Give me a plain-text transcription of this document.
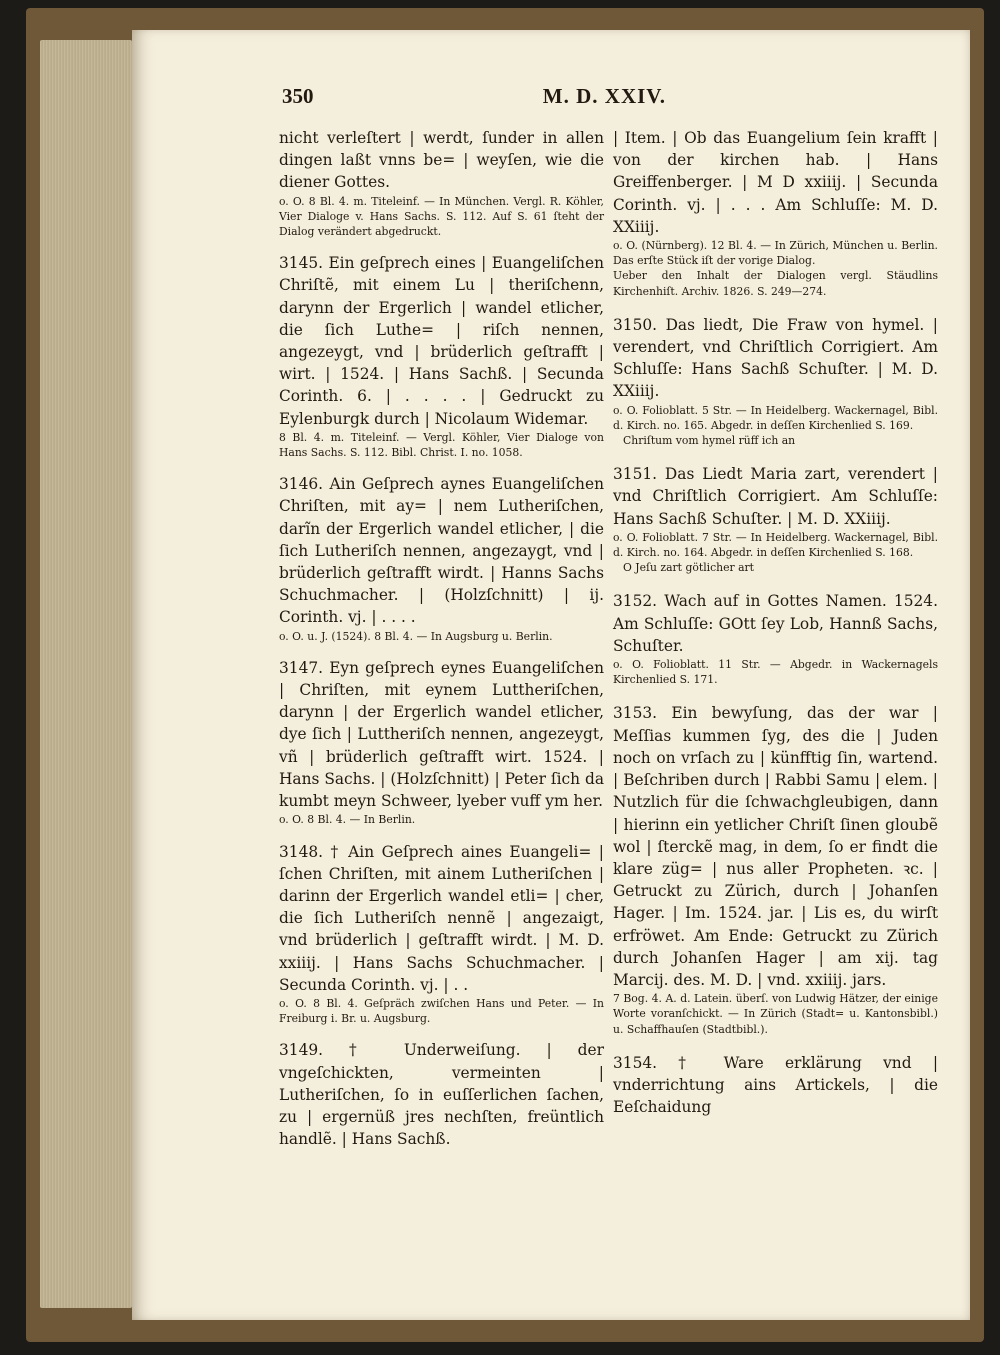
350	M. D. XXIV.

nicht verleſtert | werdt, ſunder in allen dingen laßt vnns be= | weyſen, wie die diener Gottes.

o. O. 8 Bl. 4. m. Titeleinf. — In München. Vergl. R. Köhler, Vier Dialoge v. Hans Sachs. S. 112. Auf S. 61 ſteht der Dialog verändert abgedruckt.

3145. Ein geſprech eines | Euangeliſchen Chriſtẽ, mit einem Lu | theriſchenn, darynn der Ergerlich | wandel etlicher, die ſich Luthe= | riſch nennen, angezeygt, vnd | brüderlich geſtrafft | wirt. | 1524. | Hans Sachß. | Secunda Corinth. 6. | . . . . | Gedruckt zu Eylenburgk durch | Nicolaum Widemar.

8 Bl. 4. m. Titeleinf. — Vergl. Köhler, Vier Dialoge von Hans Sachs. S. 112. Bibl. Christ. I. no. 1058.

3146. Ain Geſprech aynes Euangeliſchen Chriſten, mit ay= | nem Lutheriſchen, darĩn der Ergerlich wandel etlicher, | die ſich Lutheriſch nennen, angezaygt, vnd | brüderlich geſtrafft wirdt. | Hanns Sachs Schuchmacher. | (Holzſchnitt) | ij. Corinth. vj. | . . . .

o. O. u. J. (1524). 8 Bl. 4. — In Augsburg u. Berlin.

3147. Eyn geſprech eynes Euangeliſchen | Chriſten, mit eynem Luttheriſchen, darynn | der Ergerlich wandel etlicher, dye ſich | Luttheriſch nennen, angezeygt, vñ | brüderlich geſtrafft wirt. 1524. | Hans Sachs. | (Holzſchnitt) | Peter ſich da kumbt meyn Schweer, lyeber vuff ym her.

o. O. 8 Bl. 4. — In Berlin.

3148. † Ain Geſprech aines Euangeli= | ſchen Chriſten, mit ainem Lutheriſchen | darinn der Ergerlich wandel etli= | cher, die ſich Lutheriſch nennẽ | angezaigt, vnd brüderlich | geſtrafft wirdt. | M. D. xxiiij. | Hans Sachs Schuchmacher. | Secunda Corinth. vj. | . .

o. O. 8 Bl. 4. Geſpräch zwiſchen Hans und Peter. — In Freiburg i. Br. u. Augsburg.

3149. † Underweiſung. | der vngeſchickten, vermeinten | Lutheriſchen, ſo in euſſerlichen ſachen, zu | ergernüß jres nechſten, freüntlich handlẽ. | Hans Sachß.

| Item. | Ob das Euangelium ſein krafft | von der kirchen hab. | Hans Greiffenberger. | M D xxiiij. | Secunda Corinth. vj. | . . . Am Schluſſe: M. D. XXiiij.

o. O. (Nürnberg). 12 Bl. 4. — In Zürich, München u. Berlin. Das erſte Stück iſt der vorige Dialog.

Ueber den Inhalt der Dialogen vergl. Stäudlins Kirchenhiſt. Archiv. 1826. S. 249—274.

3150. Das liedt, Die Fraw von hymel. | verendert, vnd Chriſtlich Corrigiert. Am Schluſſe: Hans Sachß Schuſter. | M. D. XXiiij.

o. O. Folioblatt. 5 Str. — In Heidelberg. Wackernagel, Bibl. d. Kirch. no. 165. Abgedr. in deſſen Kirchenlied S. 169.

Chriſtum vom hymel rüff ich an

3151. Das Liedt Maria zart, verendert | vnd Chriſtlich Corrigiert. Am Schluſſe: Hans Sachß Schuſter. | M. D. XXiiij.

o. O. Folioblatt. 7 Str. — In Heidelberg. Wackernagel, Bibl. d. Kirch. no. 164. Abgedr. in deſſen Kirchenlied S. 168.

O Jeſu zart götlicher art

3152. Wach auf in Gottes Namen. 1524. Am Schluſſe: GOtt ſey Lob, Hannß Sachs, Schuſter.

o. O. Folioblatt. 11 Str. — Abgedr. in Wackernagels Kirchenlied S. 171.

3153. Ein bewyſung, das der war | Meſſias kummen ſyg, des die | Juden noch on vrſach zu | künfftig ſin, wartend. | Beſchriben durch | Rabbi Samu | elem. | Nutzlich für die ſchwachgleubigen, dann | hierinn ein yetlicher Chriſt ſinen gloubẽ wol | ſterckẽ mag, in dem, ſo er findt die klare züg= | nus aller Propheten. ꝛc. | Getruckt zu Zürich, durch | Johanſen Hager. | Im. 1524. jar. | Lis es, du wirſt erfröwet. Am Ende: Getruckt zu Zürich durch Johanſen Hager | am xij. tag Marcij. des. M. D. | vnd. xxiiij. jars.

7 Bog. 4. A. d. Latein. überſ. von Ludwig Hätzer, der einige Worte voranſchickt. — In Zürich (Stadt= u. Kantonsbibl.) u. Schaffhauſen (Stadtbibl.).

3154. † Ware erklärung vnd | vnderrichtung ains Artickels, | die Eeſchaidung
